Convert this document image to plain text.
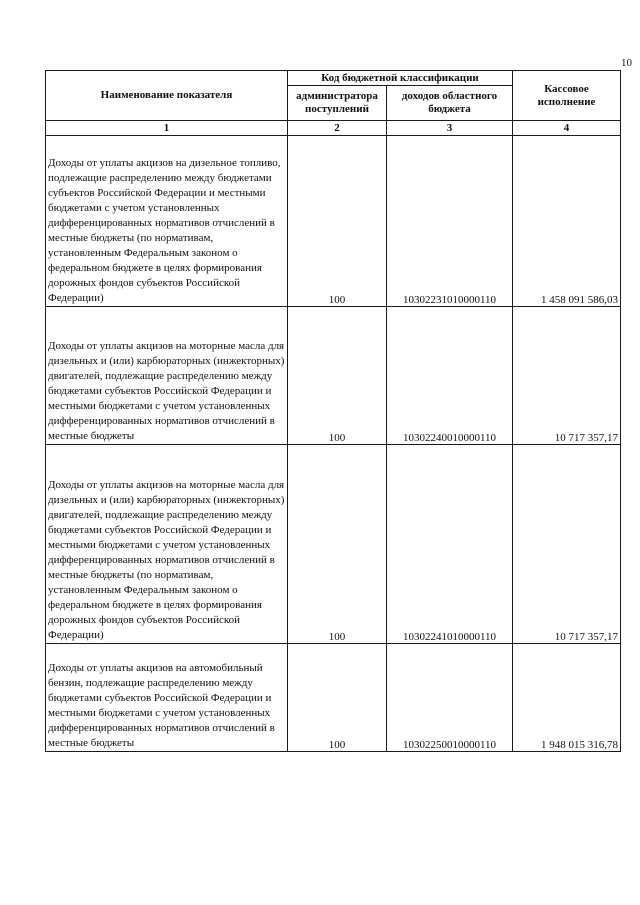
10
Наименование показателя	Код бюджетной классификации		Кассовое исполнение
	администратора поступлений	доходов областного бюджета	
1	2	3	4
Доходы от уплаты акцизов на дизельное топливо, подлежащие распределению между бюджетами субъектов Российской Федерации и местными бюджетами с учетом установленных дифференцированных нормативов отчислений в местные бюджеты (по нормативам, установленным Федеральным законом о федеральном бюджете в целях формирования дорожных фондов субъектов Российской Федерации)	100	10302231010000110	1 458 091 586,03
Доходы от уплаты акцизов на моторные масла для дизельных и (или) карбюраторных (инжекторных) двигателей, подлежащие распределению между бюджетами субъектов Российской Федерации и местными бюджетами с учетом установленных дифференцированных нормативов отчислений в местные бюджеты	100	10302240010000110	10 717 357,17
Доходы от уплаты акцизов на моторные масла для дизельных и (или) карбюраторных (инжекторных) двигателей, подлежащие распределению между бюджетами субъектов Российской Федерации и местными бюджетами с учетом установленных дифференцированных нормативов отчислений в местные бюджеты (по нормативам, установленным Федеральным законом о федеральном бюджете в целях формирования дорожных фондов субъектов Российской Федерации)	100	10302241010000110	10 717 357,17
Доходы от уплаты акцизов на автомобильный бензин, подлежащие распределению между бюджетами субъектов Российской Федерации и местными бюджетами с учетом установленных дифференцированных нормативов отчислений в местные бюджеты	100	10302250010000110	1 948 015 316,78
